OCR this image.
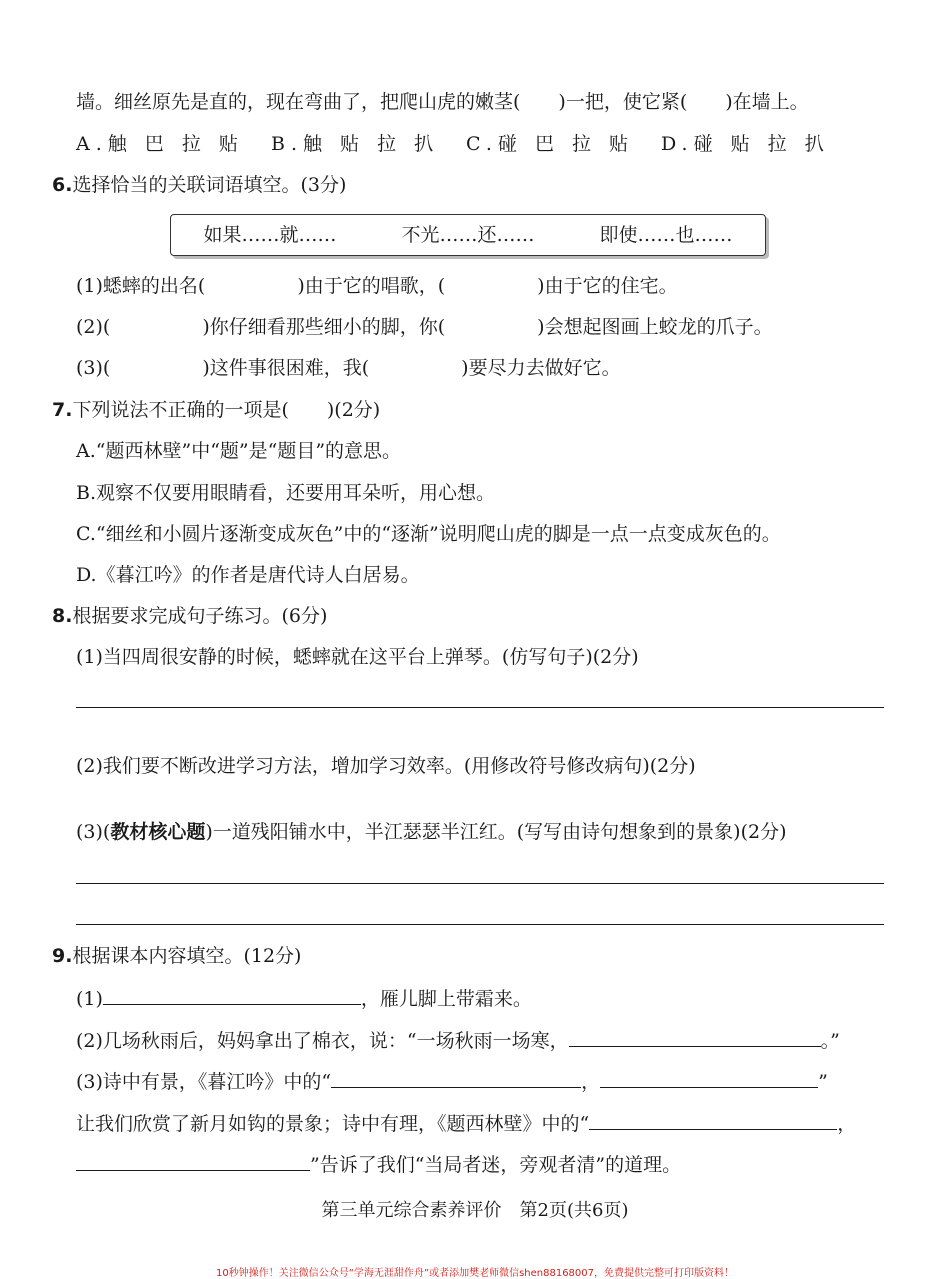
墙。细丝原先是直的，现在弯曲了，把爬山虎的嫩茎(　　)一把，使它紧(　　)在墙上。
A.触 巴 拉 贴 B.触 贴 拉 扒 C.碰 巴 拉 贴 D.碰 贴 拉 扒
6.选择恰当的关联词语填空。(3分)
如果……就……	不光……还……	即使……也……
(1)蟋蟀的出名(	)由于它的唱歌，(	)由于它的住宅。
(2)(	)你仔细看那些细小的脚，你(	)会想起图画上蛟龙的爪子。
(3)(	)这件事很困难，我(	)要尽力去做好它。
7.下列说法不正确的一项是(　　)(2分)
A.“题西林壁”中“题”是“题目”的意思。
B.观察不仅要用眼睛看，还要用耳朵听，用心想。
C.“细丝和小圆片逐渐变成灰色”中的“逐渐”说明爬山虎的脚是一点一点变成灰色的。
D.《暮江吟》的作者是唐代诗人白居易。
8.根据要求完成句子练习。(6分)
(1)当四周很安静的时候，蟋蟀就在这平台上弹琴。(仿写句子)(2分)
(2)我们要不断改进学习方法，增加学习效率。(用修改符号修改病句)(2分)
(3)(教材核心题)一道残阳铺水中，半江瑟瑟半江红。(写写由诗句想象到的景象)(2分)
9.根据课本内容填空。(12分)
(1)	，雁儿脚上带霜来。
(2)几场秋雨后，妈妈拿出了棉衣，说：“一场秋雨一场寒，	。”
(3)诗中有景，《暮江吟》中的“	，	”
让我们欣赏了新月如钩的景象；诗中有理，《题西林壁》中的“	，
”告诉了我们“当局者迷，旁观者清”的道理。
第三单元综合素养评价　第2页(共6页)
10秒钟操作！关注微信公众号“学海无涯甜作舟”或者添加樊老师微信shen88168007，免费提供完整可打印版资料！
